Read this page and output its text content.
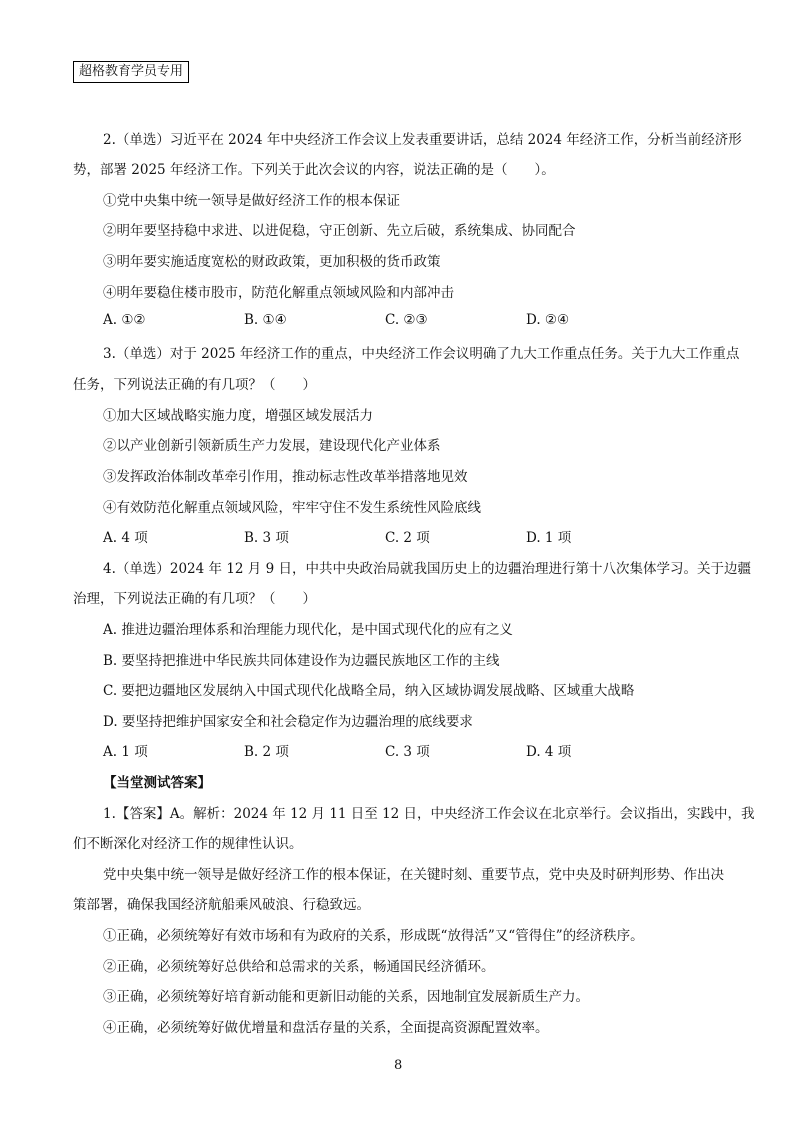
超格教育学员专用
2.（单选）习近平在 2024 年中央经济工作会议上发表重要讲话，总结 2024 年经济工作，分析当前经济形
势，部署 2025 年经济工作。下列关于此次会议的内容，说法正确的是（　　）。
①党中央集中统一领导是做好经济工作的根本保证
②明年要坚持稳中求进、以进促稳，守正创新、先立后破，系统集成、协同配合
③明年要实施适度宽松的财政政策，更加积极的货币政策
④明年要稳住楼市股市，防范化解重点领域风险和内部冲击
A. ①②	B. ①④	C. ②③	D. ②④
3.（单选）对于 2025 年经济工作的重点，中央经济工作会议明确了九大工作重点任务。关于九大工作重点
任务，下列说法正确的有几项？（　　）
①加大区域战略实施力度，增强区域发展活力
②以产业创新引领新质生产力发展，建设现代化产业体系
③发挥政治体制改革牵引作用，推动标志性改革举措落地见效
④有效防范化解重点领域风险，牢牢守住不发生系统性风险底线
A. 4 项	B. 3 项	C. 2 项	D. 1 项
4.（单选）2024 年 12 月 9 日，中共中央政治局就我国历史上的边疆治理进行第十八次集体学习。关于边疆
治理，下列说法正确的有几项？（　　）
A. 推进边疆治理体系和治理能力现代化，是中国式现代化的应有之义
B. 要坚持把推进中华民族共同体建设作为边疆民族地区工作的主线
C. 要把边疆地区发展纳入中国式现代化战略全局，纳入区域协调发展战略、区域重大战略
D. 要坚持把维护国家安全和社会稳定作为边疆治理的底线要求
A. 1 项	B. 2 项	C. 3 项	D. 4 项
【当堂测试答案】
1.【答案】A。解析：2024 年 12 月 11 日至 12 日，中央经济工作会议在北京举行。会议指出，实践中，我
们不断深化对经济工作的规律性认识。
党中央集中统一领导是做好经济工作的根本保证，在关键时刻、重要节点，党中央及时研判形势、作出决
策部署，确保我国经济航船乘风破浪、行稳致远。
①正确，必须统筹好有效市场和有为政府的关系，形成既“放得活”又“管得住”的经济秩序。
②正确，必须统筹好总供给和总需求的关系，畅通国民经济循环。
③正确，必须统筹好培育新动能和更新旧动能的关系，因地制宜发展新质生产力。
④正确，必须统筹好做优增量和盘活存量的关系，全面提高资源配置效率。
8
